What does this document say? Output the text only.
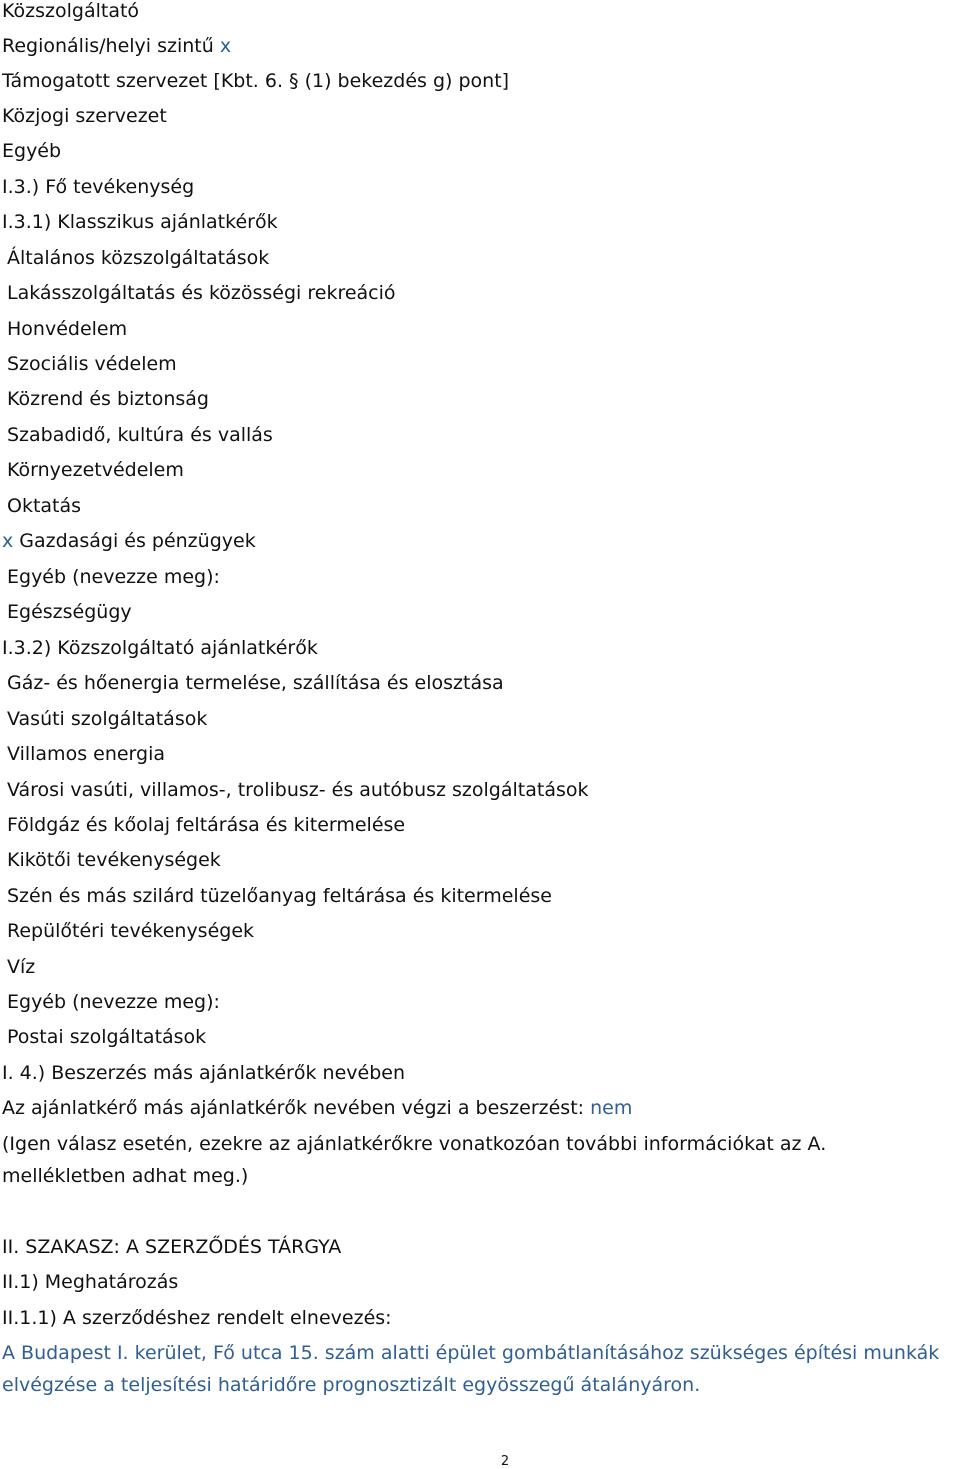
Közszolgáltató
Regionális/helyi szintű x
Támogatott szervezet [Kbt. 6. § (1) bekezdés g) pont]
Közjogi szervezet
Egyéb
I.3.) Fő tevékenység
I.3.1) Klasszikus ajánlatkérők
Általános közszolgáltatások
Lakásszolgáltatás és közösségi rekreáció
Honvédelem
Szociális védelem
Közrend és biztonság
Szabadidő, kultúra és vallás
Környezetvédelem
Oktatás
x Gazdasági és pénzügyek
Egyéb (nevezze meg):
Egészségügy
I.3.2) Közszolgáltató ajánlatkérők
Gáz- és hőenergia termelése, szállítása és elosztása
Vasúti szolgáltatások
Villamos energia
Városi vasúti, villamos-, trolibusz- és autóbusz szolgáltatások
Földgáz és kőolaj feltárása és kitermelése
Kikötői tevékenységek
Szén és más szilárd tüzelőanyag feltárása és kitermelése
Repülőtéri tevékenységek
Víz
Egyéb (nevezze meg):
Postai szolgáltatások
I. 4.) Beszerzés más ajánlatkérők nevében
Az ajánlatkérő más ajánlatkérők nevében végzi a beszerzést: nem
(Igen válasz esetén, ezekre az ajánlatkérőkre vonatkozóan további információkat az A. mellékletben adhat meg.)
II. SZAKASZ: A SZERZŐDÉS TÁRGYA
II.1) Meghatározás
II.1.1) A szerződéshez rendelt elnevezés:
A Budapest I. kerület, Fő utca 15. szám alatti épület gombátlanításához szükséges építési munkák elvégzése a teljesítési határidőre prognosztizált egyösszegű átalányáron.
2
